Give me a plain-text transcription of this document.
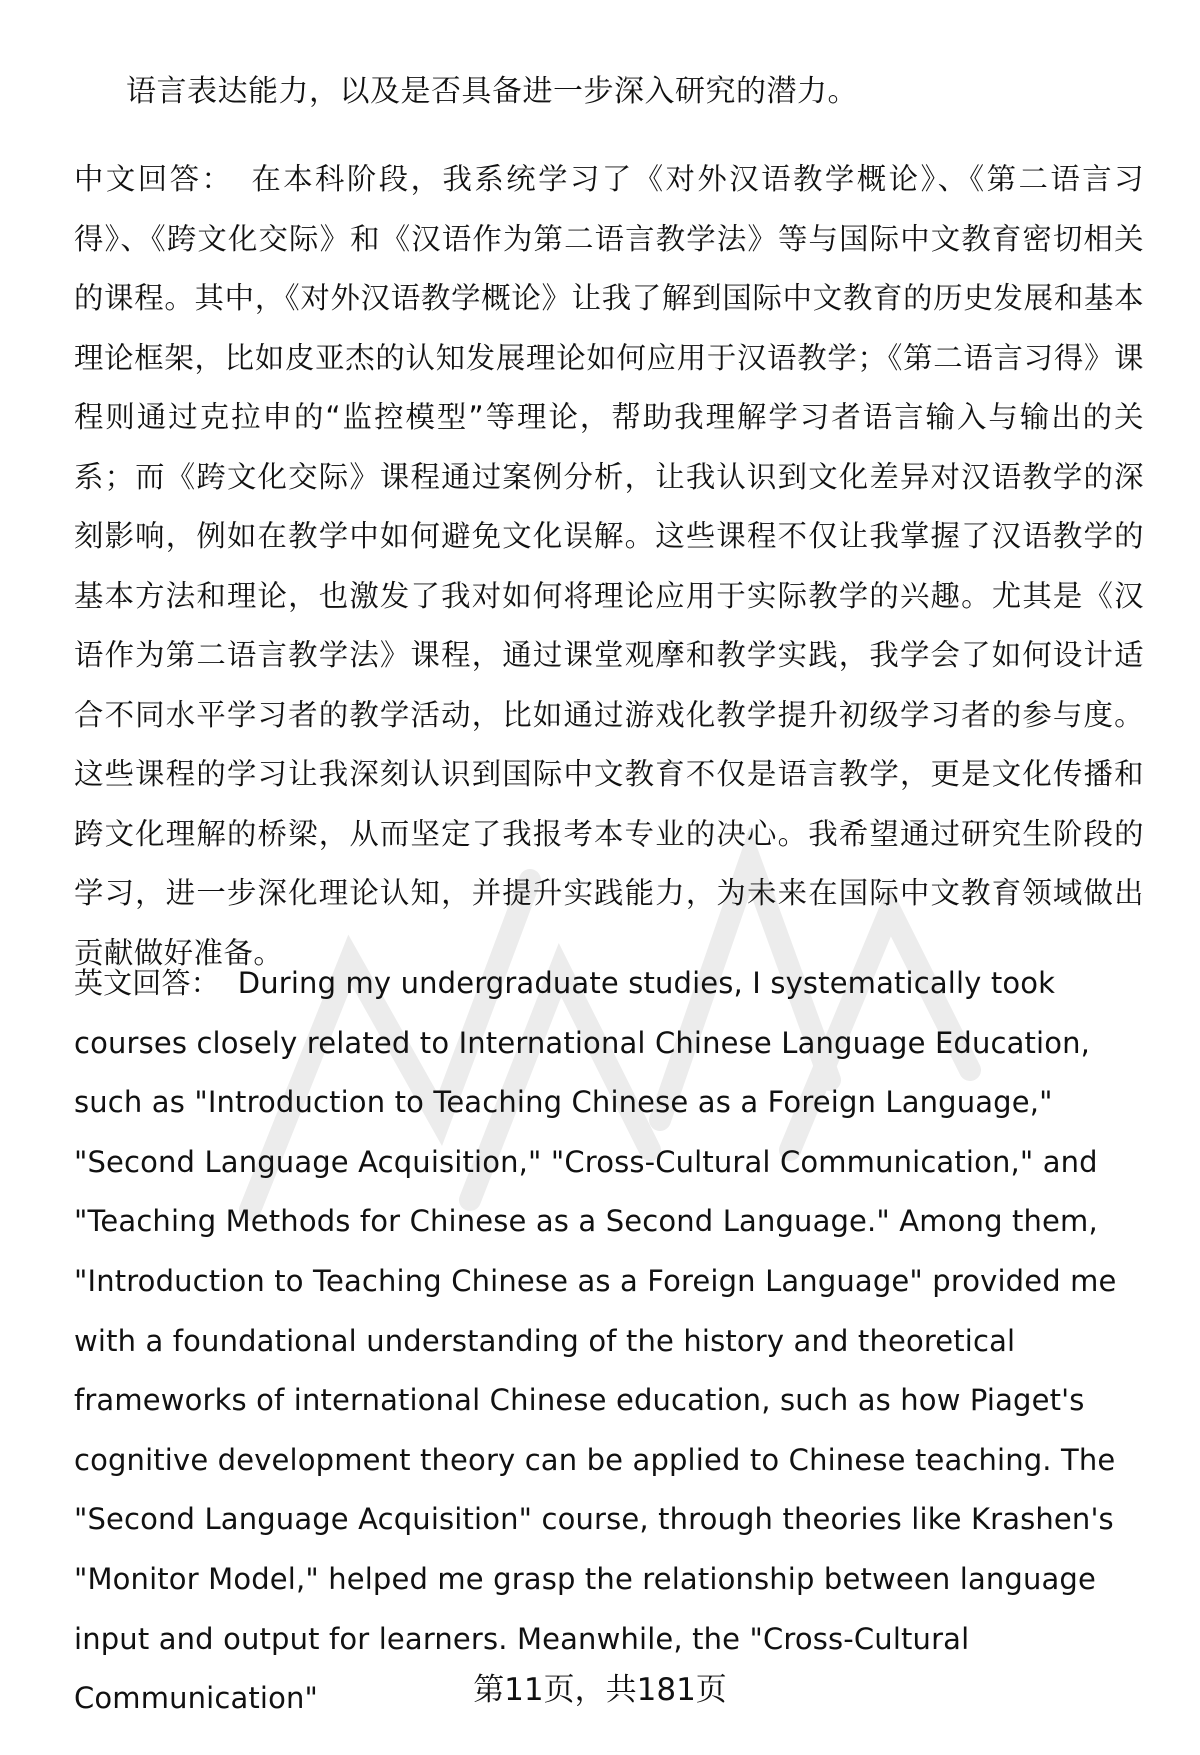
语言表达能力，以及是否具备进一步深入研究的潜力。
中文回答： 在本科阶段，我系统学习了《对外汉语教学概论》、《第二语言习得》、《跨文化交际》和《汉语作为第二语言教学法》等与国际中文教育密切相关的课程。其中，《对外汉语教学概论》让我了解到国际中文教育的历史发展和基本理论框架，比如皮亚杰的认知发展理论如何应用于汉语教学；《第二语言习得》课程则通过克拉申的“监控模型”等理论，帮助我理解学习者语言输入与输出的关系；而《跨文化交际》课程通过案例分析，让我认识到文化差异对汉语教学的深刻影响，例如在教学中如何避免文化误解。这些课程不仅让我掌握了汉语教学的基本方法和理论，也激发了我对如何将理论应用于实际教学的兴趣。尤其是《汉语作为第二语言教学法》课程，通过课堂观摩和教学实践，我学会了如何设计适合不同水平学习者的教学活动，比如通过游戏化教学提升初级学习者的参与度。这些课程的学习让我深刻认识到国际中文教育不仅是语言教学，更是文化传播和跨文化理解的桥梁，从而坚定了我报考本专业的决心。我希望通过研究生阶段的学习，进一步深化理论认知，并提升实践能力，为未来在国际中文教育领域做出贡献做好准备。
英文回答： During my undergraduate studies, I systematically took courses closely related to International Chinese Language Education, such as "Introduction to Teaching Chinese as a Foreign Language," "Second Language Acquisition," "Cross-Cultural Communication," and "Teaching Methods for Chinese as a Second Language." Among them, "Introduction to Teaching Chinese as a Foreign Language" provided me with a foundational understanding of the history and theoretical frameworks of international Chinese education, such as how Piaget's cognitive development theory can be applied to Chinese teaching. The "Second Language Acquisition" course, through theories like Krashen's "Monitor Model," helped me grasp the relationship between language input and output for learners. Meanwhile, the "Cross-Cultural Communication"	第11页，共181页
